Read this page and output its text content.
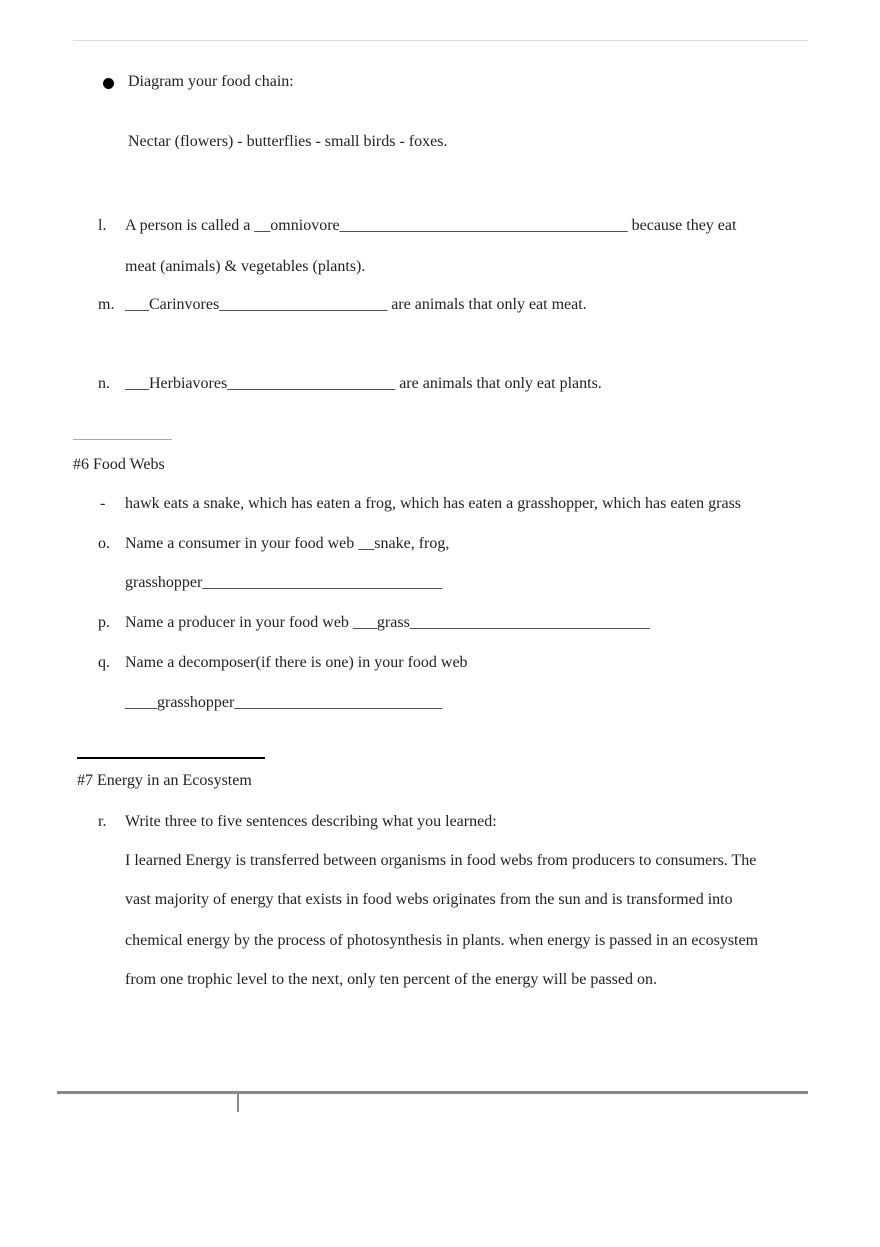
Diagram your food chain:
Nectar (flowers) - butterflies - small birds - foxes.
l. A person is called a __omniovore____________________________________ because they eat
meat (animals) & vegetables (plants).
m. ___Carinvores_____________________ are animals that only eat meat.
n. ___Herbiavores_____________________ are animals that only eat plants.
#6 Food Webs
- hawk eats a snake, which has eaten a frog, which has eaten a grasshopper, which has eaten grass
o. Name a consumer in your food web __snake, frog,
grasshopper______________________________
p. Name a producer in your food web ___grass______________________________
q. Name a decomposer(if there is one) in your food web
____grasshopper__________________________
#7 Energy in an Ecosystem
r. Write three to five sentences describing what you learned:
I learned Energy is transferred between organisms in food webs from producers to consumers. The
vast majority of energy that exists in food webs originates from the sun and is transformed into
chemical energy by the process of photosynthesis in plants. when energy is passed in an ecosystem
from one trophic level to the next, only ten percent of the energy will be passed on.
